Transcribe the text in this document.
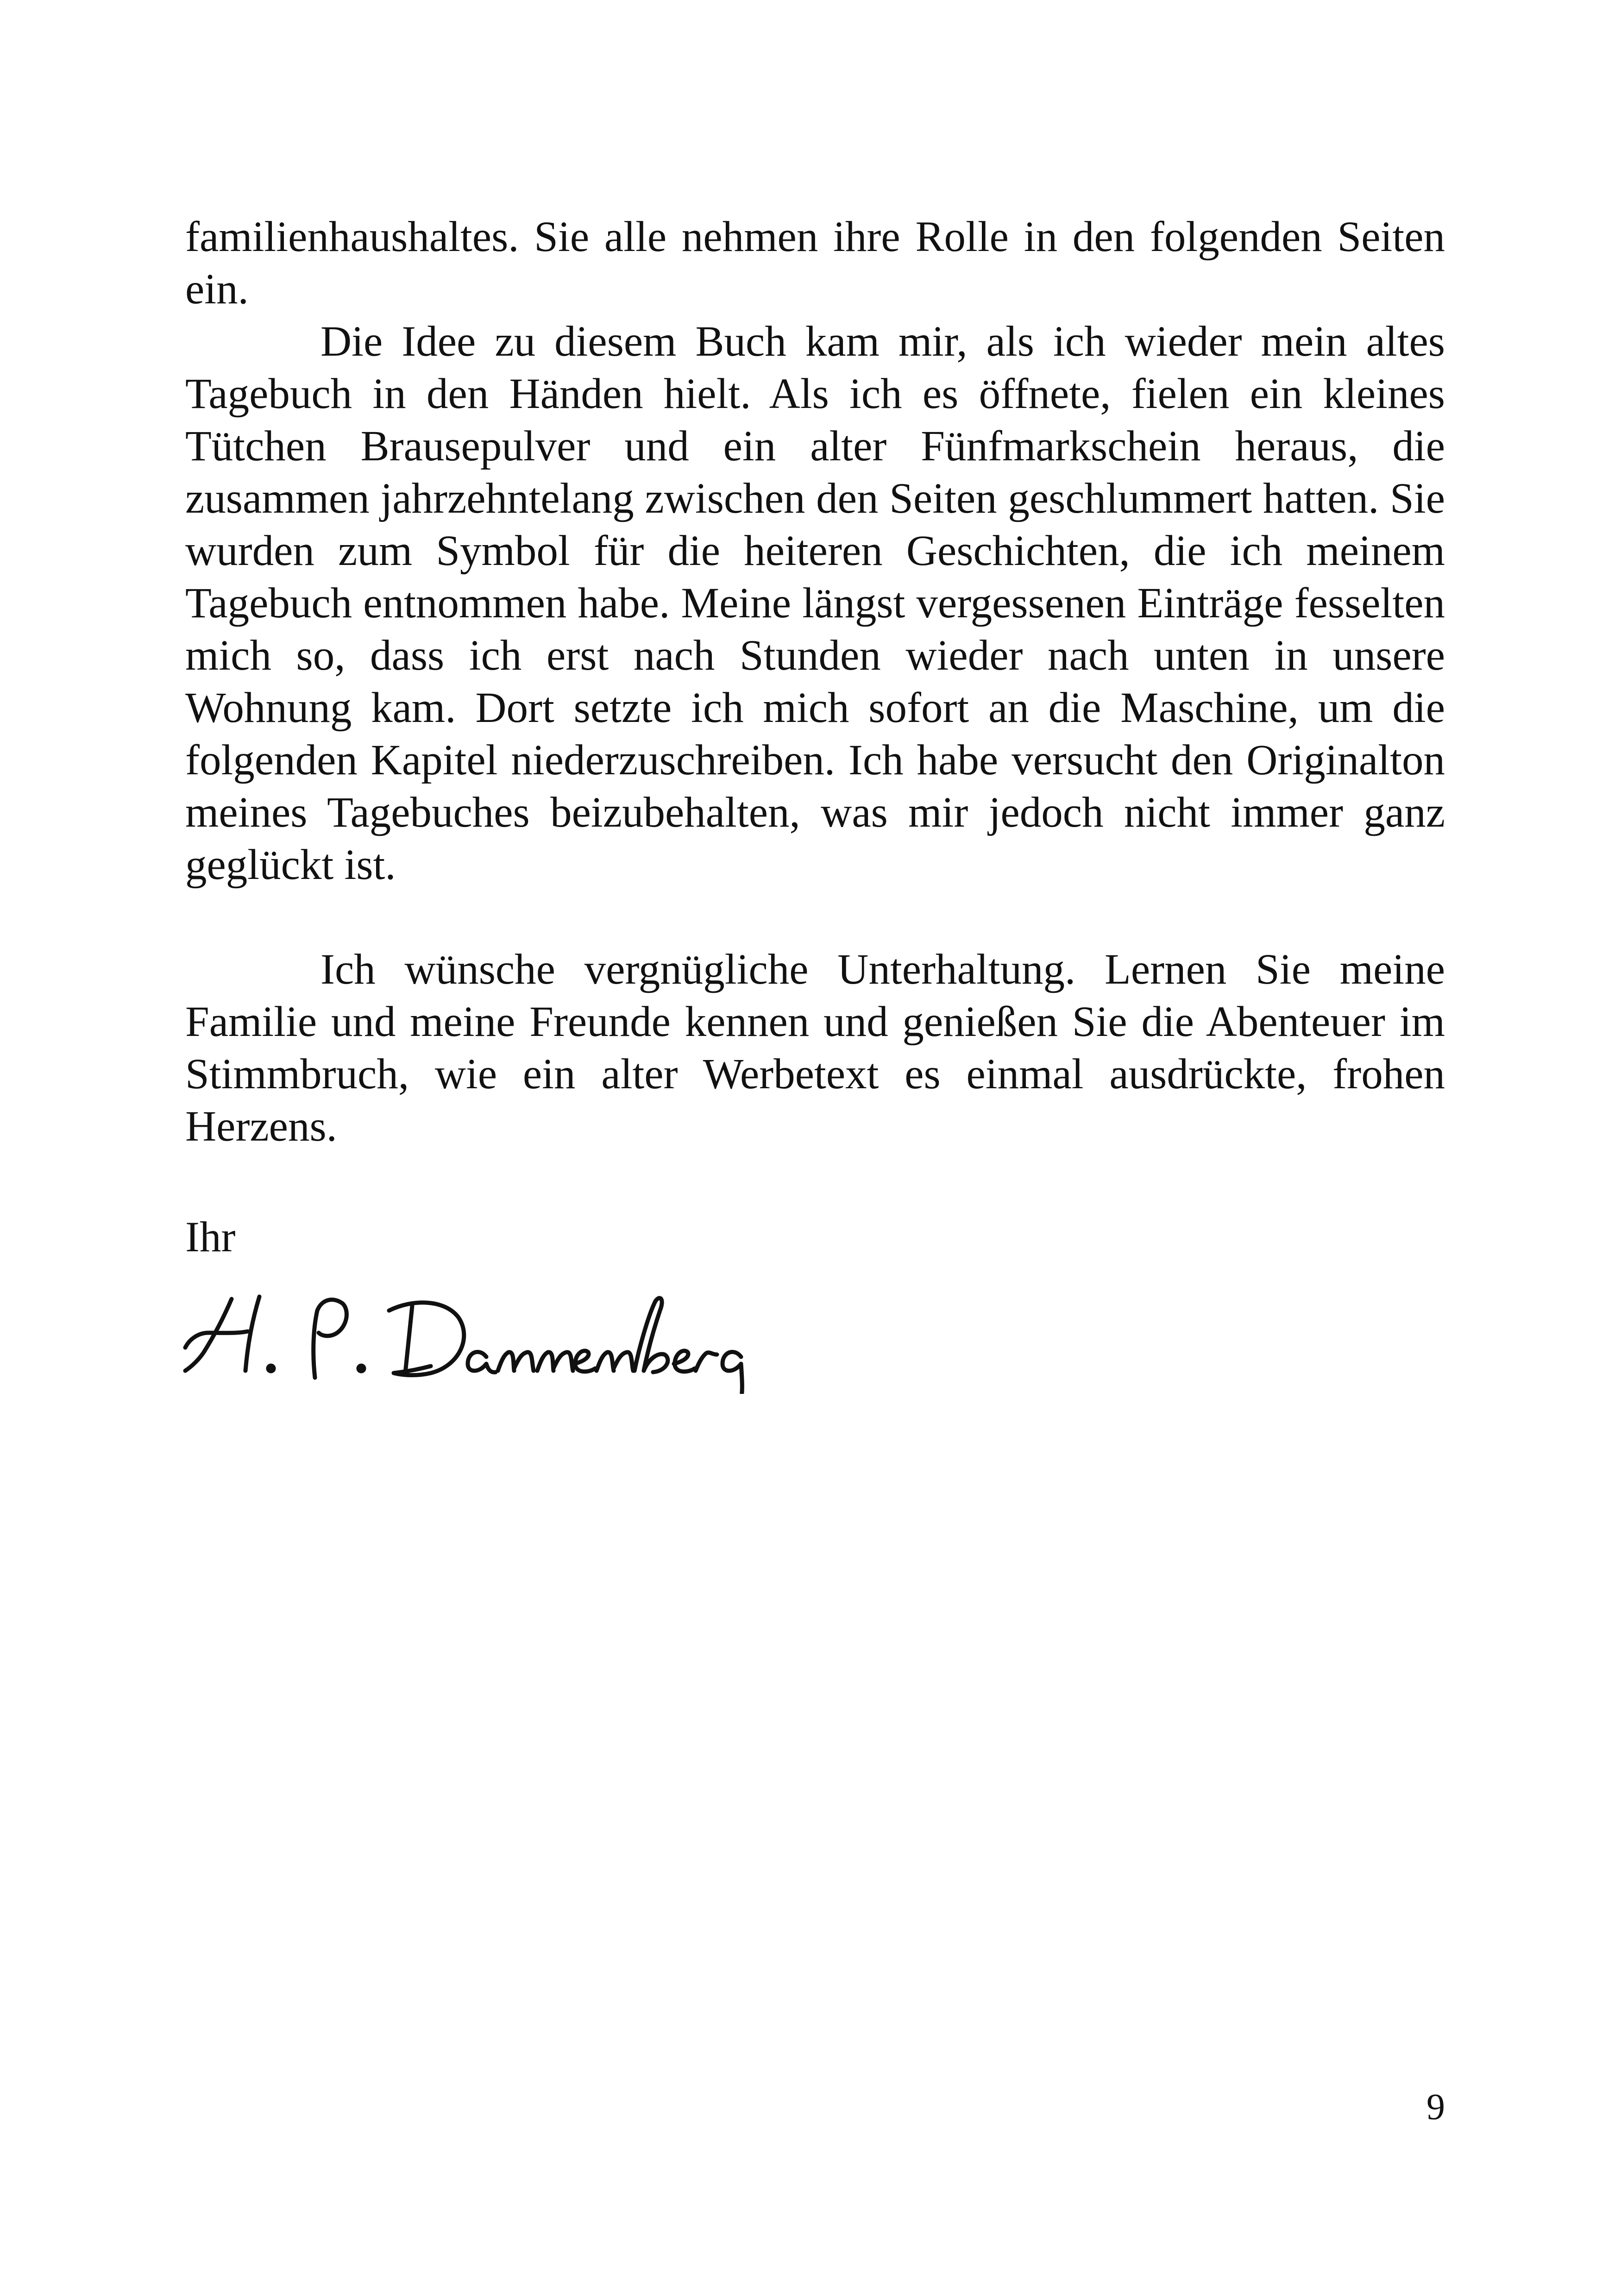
familienhaushaltes. Sie alle nehmen ihre Rolle in den folgenden Seiten ein.

Die Idee zu diesem Buch kam mir, als ich wieder mein altes Tagebuch in den Händen hielt. Als ich es öffnete, fielen ein kleines Tütchen Brausepulver und ein alter Fünfmarkschein heraus, die zusammen jahrzehntelang zwischen den Seiten geschlummert hatten. Sie wurden zum Symbol für die heiteren Geschichten, die ich meinem Tagebuch entnommen habe. Meine längst vergessenen Einträge fesselten mich so, dass ich erst nach Stunden wieder nach unten in unsere Wohnung kam. Dort setzte ich mich sofort an die Maschine, um die folgenden Kapitel niederzuschreiben. Ich habe versucht den Originalton meines Tagebuches beizubehalten, was mir jedoch nicht immer ganz geglückt ist.

Ich wünsche vergnügliche Unterhaltung. Lernen Sie meine Familie und meine Freunde kennen und genießen Sie die Abenteuer im Stimmbruch, wie ein alter Werbetext es einmal ausdrückte, frohen Herzens.

Ihr
H. P. Dannenberg
9
